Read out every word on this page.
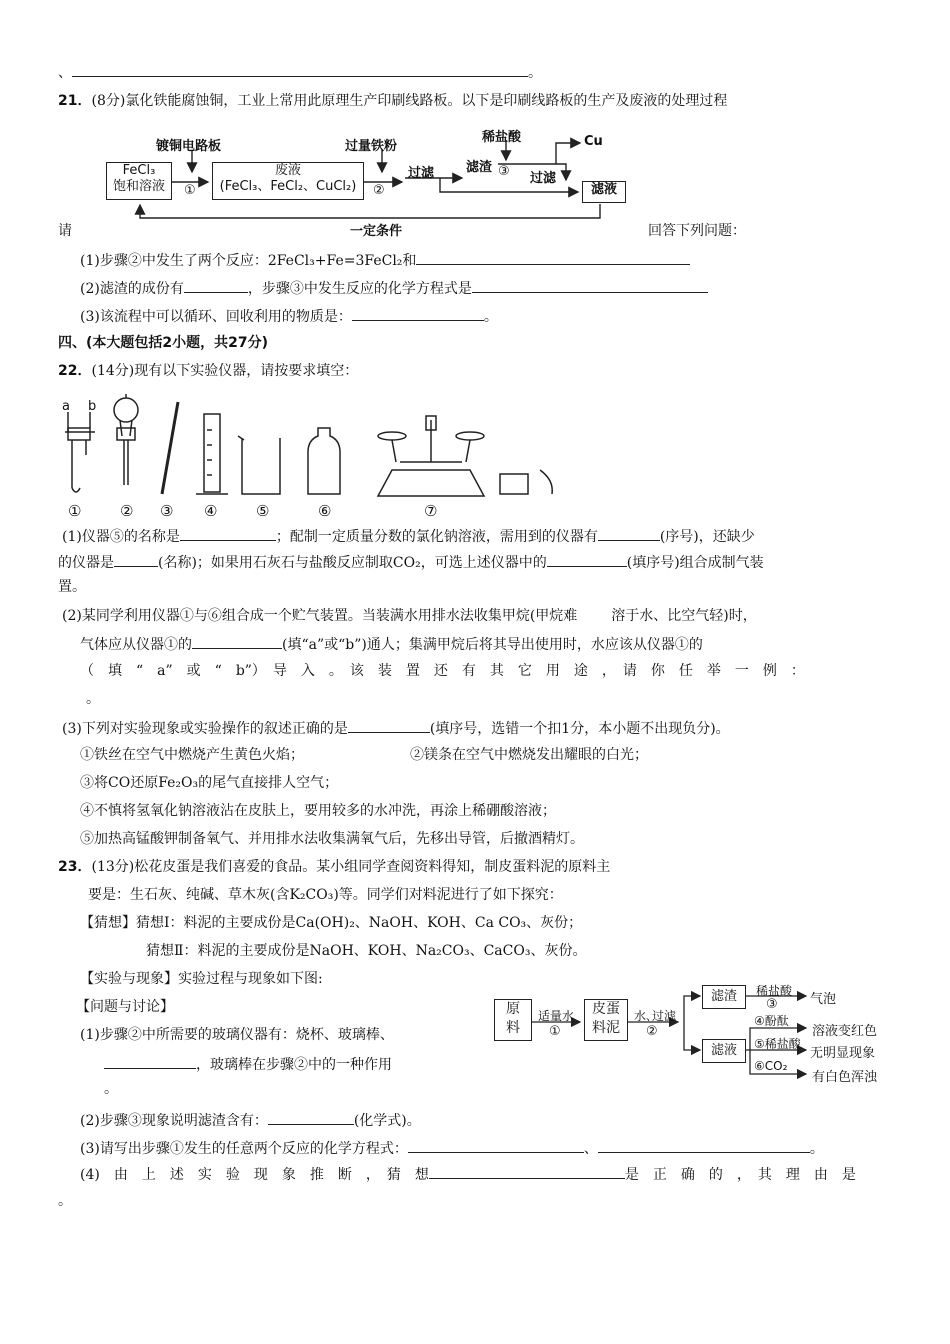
、	。
21．(8分)氯化铁能腐蚀铜，工业上常用此原理生产印刷线路板。以下是印刷线路板的生产及废液的处理过程
FeCl₃
饱和溶液
镀铜电路板
①
废液
(FeCl₃、FeCl₂、CuCl₂)
过量铁粉
②
过滤 滤渣
稀盐酸
③ 过滤
Cu
滤液
一定条件
请	回答下列问题：
(1)步骤②中发生了两个反应：2FeCl₃+Fe=3FeCl₂和
(2)滤渣的成份有	，步骤③中发生反应的化学方程式是
(3)该流程中可以循环、回收利用的物质是：	。
四、(本大题包括2小题，共27分)
22．(14分)现有以下实验仪器，请按要求填空：
a b
①	② ③ ④	⑤	⑥	⑦
(1)仪器⑤的名称是	；配制一定质量分数的氯化钠溶液，需用到的仪器有	(序号)，还缺少
的仪器是	(名称)；如果用石灰石与盐酸反应制取CO₂，可选上述仪器中的	(填序号)组合成制气装
置。
(2)某同学利用仪器①与⑥组合成一个贮气装置。当装满水用排水法收集甲烷(甲烷难 溶于水、比空气轻)时，
气体应从仪器①的	(填“a”或“b”)通人；集满甲烷后将其导出使用时，水应该从仪器①的
（　填　“　a”　或　“　b”）　导　入　。　该　装　置　还　有　其　它　用　途　，　请　你　任　举　一　例　：
。
(3)下列对实验现象或实验操作的叙述正确的是	(填序号，选错一个扣1分，本小题不出现负分)。
①铁丝在空气中燃烧产生黄色火焰；	②镁条在空气中燃烧发出耀眼的白光；
③将CO还原Fe₂O₃的尾气直接排人空气；
④不慎将氢氧化钠溶液沾在皮肤上，要用较多的水冲洗，再涂上稀硼酸溶液；
⑤加热高锰酸钾制备氧气、并用排水法收集满氧气后，先移出导管，后撤酒精灯。
23．(13分)松花皮蛋是我们喜爱的食品。某小组同学查阅资料得知，制皮蛋料泥的原料主
要是：生石灰、纯碱、草木灰(含K₂CO₃)等。同学们对料泥进行了如下探究：
【猜想】猜想Ⅰ：料泥的主要成份是Ca(OH)₂、NaOH、KOH、Ca CO₃、灰份；
猜想Ⅱ：料泥的主要成份是NaOH、KOH、Na₂CO₃、CaCO₃、灰份。
【实验与现象】实验过程与现象如下图:
【问题与讨论】	原
料
适量水
①
皮蛋
料泥
水､过滤
②
滤渣
滤液
稀盐酸
③ 气泡
④酚酞
溶液变红色
⑤稀盐酸
无明显现象
⑥CO₂
有白色浑浊
(1)步骤②中所需要的玻璃仪器有：烧杯、玻璃棒、
，玻璃棒在步骤②中的一种作用
。
(2)步骤③现象说明滤渣含有：	(化学式)。
(3)请写出步骤①发生的任意两个反应的化学方程式：	、	。
(4)　由　上　述　实　验　现　象　推　断　，　猜　想	是　正　确　的　，　其　理　由　是
。
